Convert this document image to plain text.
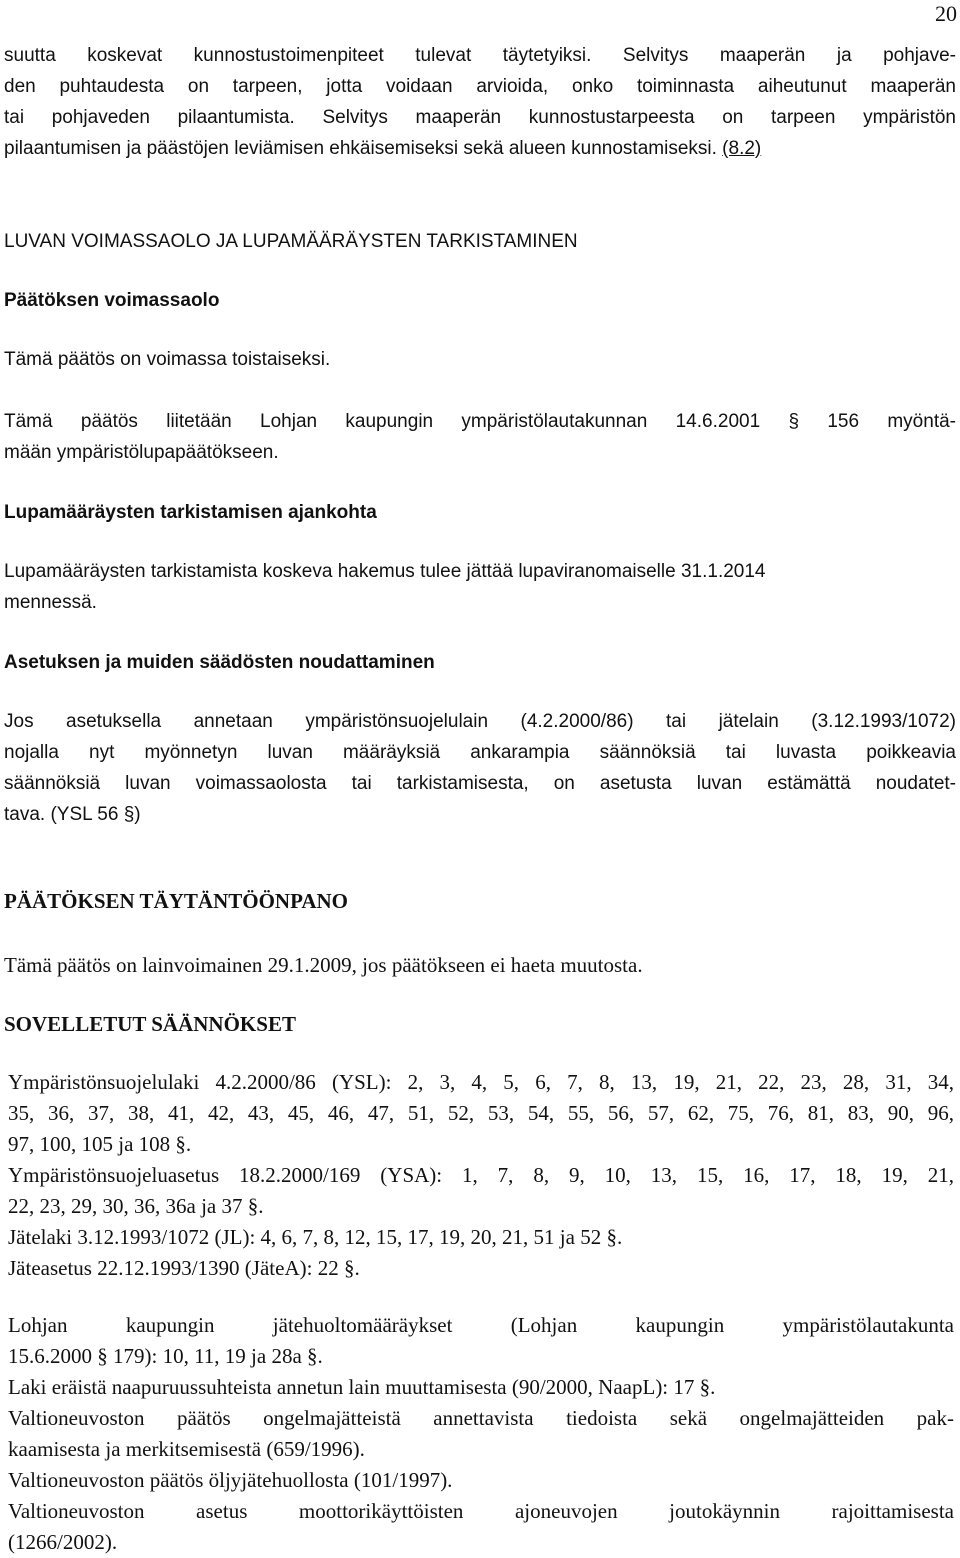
20
suutta koskevat kunnostustoimenpiteet tulevat täytetyiksi. Selvitys maaperän ja pohjave-
den puhtaudesta on tarpeen, jotta voidaan arvioida, onko toiminnasta aiheutunut maaperän
tai pohjaveden pilaantumista. Selvitys maaperän kunnostustarpeesta on tarpeen ympäristön
pilaantumisen ja päästöjen leviämisen ehkäisemiseksi sekä alueen kunnostamiseksi. (8.2)
LUVAN VOIMASSAOLO JA LUPAMÄÄRÄYSTEN TARKISTAMINEN
Päätöksen voimassaolo
Tämä päätös on voimassa toistaiseksi.
Tämä päätös liitetään Lohjan kaupungin ympäristölautakunnan 14.6.2001 § 156 myöntä-
mään ympäristölupapäätökseen.
Lupamääräysten tarkistamisen ajankohta
Lupamääräysten tarkistamista koskeva hakemus tulee jättää lupaviranomaiselle 31.1.2014
mennessä.
Asetuksen ja muiden säädösten noudattaminen
Jos asetuksella annetaan ympäristönsuojelulain (4.2.2000/86) tai jätelain (3.12.1993/1072)
nojalla nyt myönnetyn luvan määräyksiä ankarampia säännöksiä tai luvasta poikkeavia
säännöksiä luvan voimassaolosta tai tarkistamisesta, on asetusta luvan estämättä noudatet-
tava. (YSL 56 §)
PÄÄTÖKSEN TÄYTÄNTÖÖNPANO
Tämä päätös on lainvoimainen 29.1.2009, jos päätökseen ei haeta muutosta.
SOVELLETUT SÄÄNNÖKSET
Ympäristönsuojelulaki 4.2.2000/86 (YSL): 2, 3, 4, 5, 6, 7, 8, 13, 19, 21, 22, 23, 28, 31, 34,
35, 36, 37, 38, 41, 42, 43, 45, 46, 47, 51, 52, 53, 54, 55, 56, 57, 62, 75, 76, 81, 83, 90, 96,
97, 100, 105 ja 108 §.
Ympäristönsuojeluasetus 18.2.2000/169 (YSA): 1, 7, 8, 9, 10, 13, 15, 16, 17, 18, 19, 21,
22, 23, 29, 30, 36, 36a ja 37 §.
Jätelaki 3.12.1993/1072 (JL): 4, 6, 7, 8, 12, 15, 17, 19, 20, 21, 51 ja 52 §.
Jäteasetus 22.12.1993/1390 (JäteA): 22 §.
Lohjan kaupungin jätehuoltomääräykset (Lohjan kaupungin ympäristölautakunta
15.6.2000 § 179): 10, 11, 19 ja 28a §.
Laki eräistä naapuruussuhteista annetun lain muuttamisesta (90/2000, NaapL): 17 §.
Valtioneuvoston päätös ongelmajätteistä annettavista tiedoista sekä ongelmajätteiden pak-
kaamisesta ja merkitsemisestä (659/1996).
Valtioneuvoston päätös öljyjätehuollosta (101/1997).
Valtioneuvoston asetus moottorikäyttöisten ajoneuvojen joutokäynnin rajoittamisesta
(1266/2002).
